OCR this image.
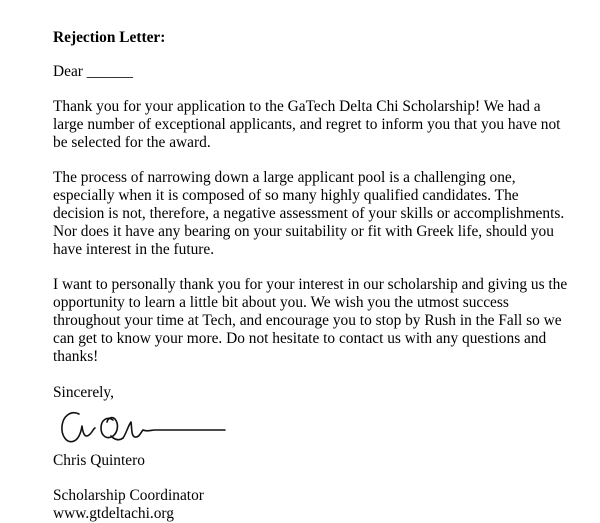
Rejection Letter:

Dear ______

Thank you for your application to the GaTech Delta Chi Scholarship! We had a large number of exceptional applicants, and regret to inform you that you have not be selected for the award.

The process of narrowing down a large applicant pool is a challenging one, especially when it is composed of so many highly qualified candidates. The decision is not, therefore, a negative assessment of your skills or accomplishments. Nor does it have any bearing on your suitability or fit with Greek life, should you have interest in the future.

I want to personally thank you for your interest in our scholarship and giving us the opportunity to learn a little bit about you. We wish you the utmost success throughout your time at Tech, and encourage you to stop by Rush in the Fall so we can get to know your more. Do not hesitate to contact us with any questions and thanks!

Sincerely,

Chris Quintero

Scholarship Coordinator

www.gtdeltachi.org
